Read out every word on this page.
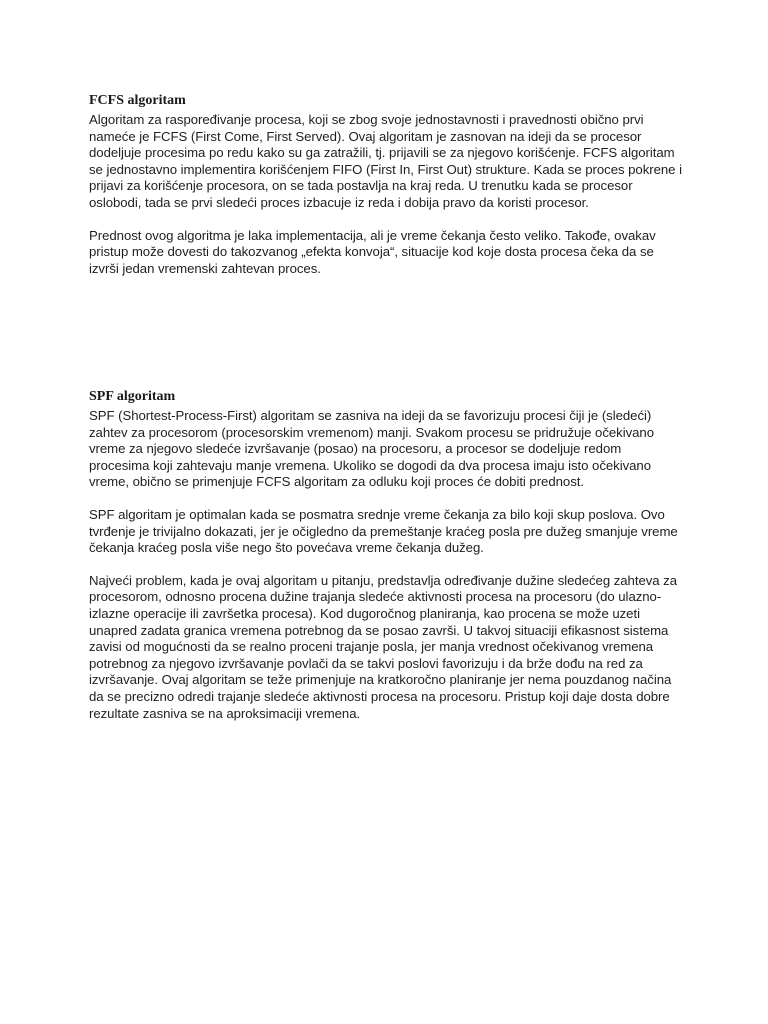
FCFS algoritam

Algoritam za raspoređivanje procesa, koji se zbog svoje jednostavnosti i pravednosti obično prvi nameće je FCFS (First Come, First Served). Ovaj algoritam je zasnovan na ideji da se procesor dodeljuje procesima po redu kako su ga zatražili, tj. prijavili se za njegovo korišćenje. FCFS algoritam se jednostavno implementira korišćenjem FIFO (First In, First Out) strukture. Kada se proces pokrene i prijavi za korišćenje procesora, on se tada postavlja na kraj reda. U trenutku kada se procesor oslobodi, tada se prvi sledeći proces izbacuje iz reda i dobija pravo da koristi procesor.

Prednost ovog algoritma je laka implementacija, ali je vreme čekanja često veliko. Takođe, ovakav pristup može dovesti do takozvanog „efekta konvoja“, situacije kod koje dosta procesa čeka da se izvrši jedan vremenski zahtevan proces.

SPF algoritam

SPF (Shortest-Process-First) algoritam se zasniva na ideji da se favorizuju procesi čiji je (sledeći) zahtev za procesorom (procesorskim vremenom) manji. Svakom procesu se pridružuje očekivano vreme za njegovo sledeće izvršavanje (posao) na procesoru, a procesor se dodeljuje redom procesima koji zahtevaju manje vremena. Ukoliko se dogodi da dva procesa imaju isto očekivano vreme, obično se primenjuje FCFS algoritam za odluku koji proces će dobiti prednost.

SPF algoritam je optimalan kada se posmatra srednje vreme čekanja za bilo koji skup poslova. Ovo tvrđenje je trivijalno dokazati, jer je očigledno da premeštanje kraćeg posla pre dužeg smanjuje vreme čekanja kraćeg posla više nego što povećava vreme čekanja dužeg.

Najveći problem, kada je ovaj algoritam u pitanju, predstavlja određivanje dužine sledećeg zahteva za procesorom, odnosno procena dužine trajanja sledeće aktivnosti procesa na procesoru (do ulazno-izlazne operacije ili završetka procesa). Kod dugoročnog planiranja, kao procena se može uzeti unapred zadata granica vremena potrebnog da se posao završi. U takvoj situaciji efikasnost sistema zavisi od mogućnosti da se realno proceni trajanje posla, jer manja vrednost očekivanog vremena potrebnog za njegovo izvršavanje povlači da se takvi poslovi favorizuju i da brže dođu na red za izvršavanje. Ovaj algoritam se teže primenjuje na kratkoročno planiranje jer nema pouzdanog načina da se precizno odredi trajanje sledeće aktivnosti procesa na procesoru. Pristup koji daje dosta dobre rezultate zasniva se na aproksimaciji vremena.
